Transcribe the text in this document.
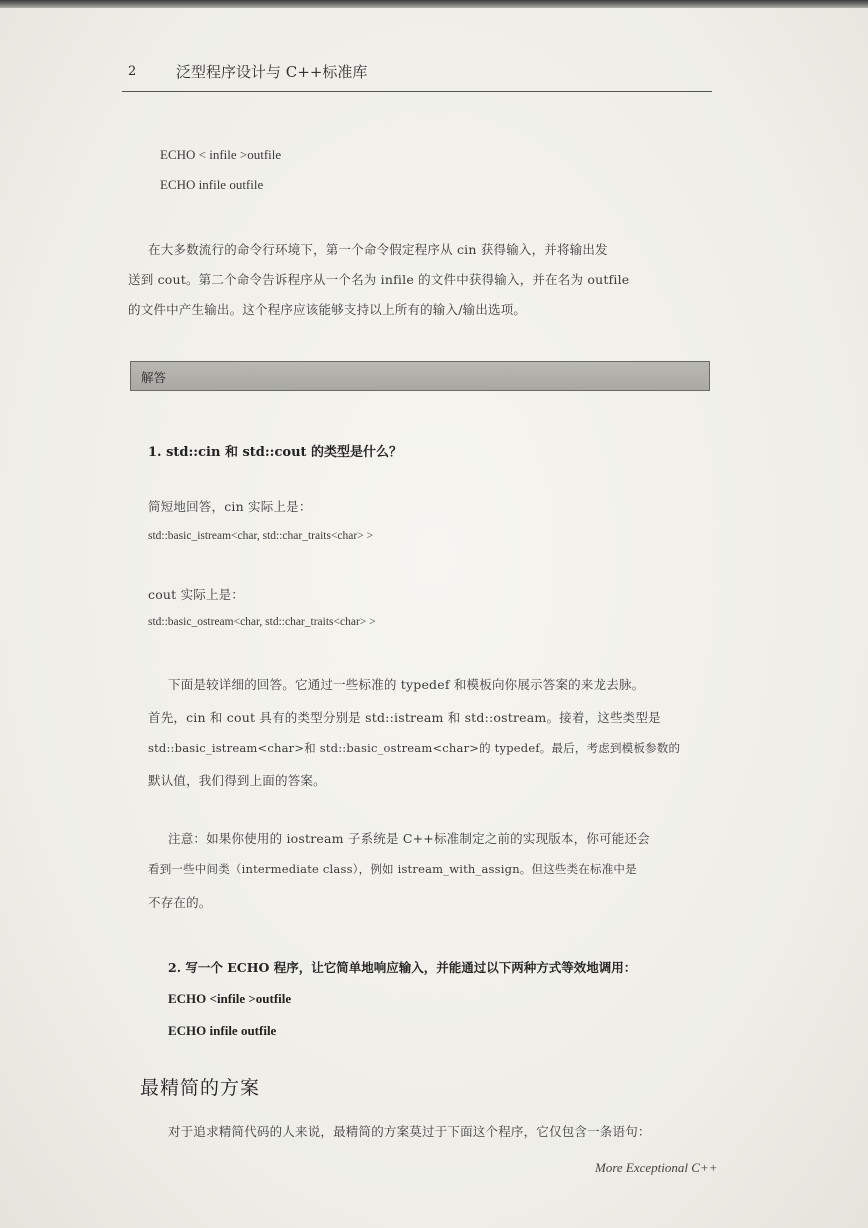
2	泛型程序设计与 C++标准库
ECHO < infile >outfile
ECHO infile outfile
在大多数流行的命令行环境下，第一个命令假定程序从 cin 获得输入，并将输出发
送到 cout。第二个命令告诉程序从一个名为 infile 的文件中获得输入，并在名为 outfile
的文件中产生输出。这个程序应该能够支持以上所有的输入/输出选项。
解答
1. std::cin 和 std::cout 的类型是什么？
简短地回答，cin 实际上是：
std::basic_istream<char, std::char_traits<char> >
cout 实际上是：
std::basic_ostream<char, std::char_traits<char> >
下面是较详细的回答。它通过一些标准的 typedef 和模板向你展示答案的来龙去脉。
首先，cin 和 cout 具有的类型分别是 std::istream 和 std::ostream。接着，这些类型是
std::basic_istream<char>和 std::basic_ostream<char>的 typedef。最后，考虑到模板参数的
默认值，我们得到上面的答案。
注意：如果你使用的 iostream 子系统是 C++标准制定之前的实现版本，你可能还会
看到一些中间类（intermediate class），例如 istream_with_assign。但这些类在标准中是
不存在的。
2. 写一个 ECHO 程序，让它简单地响应输入，并能通过以下两种方式等效地调用：
ECHO <infile >outfile
ECHO infile outfile
最精简的方案
对于追求精简代码的人来说，最精简的方案莫过于下面这个程序，它仅包含一条语句：
More Exceptional C++
